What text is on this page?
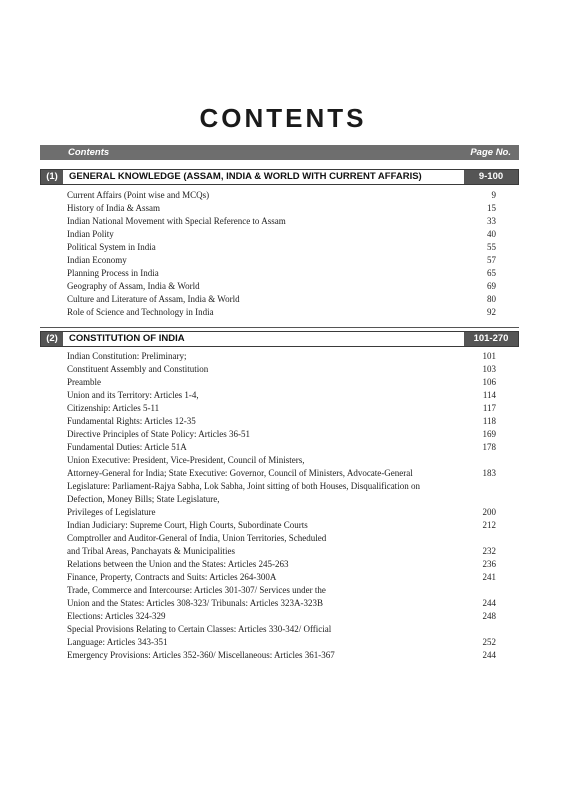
CONTENTS
Contents	Page No.
(1)	GENERAL KNOWLEDGE (ASSAM, INDIA & WORLD WITH CURRENT AFFARIS)	9-100
Current Affairs (Point wise and MCQs)	9
History of India & Assam	15
Indian National Movement with Special Reference to Assam	33
Indian Polity	40
Political System in India	55
Indian Economy	57
Planning Process in India	65
Geography of Assam, India & World	69
Culture and Literature of Assam, India & World	80
Role of Science and Technology in India	92
(2)	CONSTITUTION OF INDIA	101-270
Indian Constitution: Preliminary;	101
Constituent Assembly and Constitution	103
Preamble	106
Union and its Territory: Articles 1-4,	114
Citizenship: Articles 5-11	117
Fundamental Rights: Articles 12-35	118
Directive Principles of State Policy: Articles 36-51	169
Fundamental Duties: Article 51A	178
Union Executive: President, Vice-President, Council of Ministers,
Attorney-General for India; State Executive: Governor, Council of Ministers, Advocate-General	183
Legislature: Parliament-Rajya Sabha, Lok Sabha, Joint sitting of both Houses, Disqualification on Defection, Money Bills; State Legislature,
Privileges of Legislature	200
Indian Judiciary: Supreme Court, High Courts, Subordinate Courts	212
Comptroller and Auditor-General of India, Union Territories, Scheduled
and Tribal Areas, Panchayats & Municipalities	232
Relations between the Union and the States: Articles 245-263	236
Finance, Property, Contracts and Suits: Articles 264-300A	241
Trade, Commerce and Intercourse: Articles 301-307/ Services under the
Union and the States: Articles 308-323/ Tribunals: Articles 323A-323B	244
Elections: Articles 324-329	248
Special Provisions Relating to Certain Classes: Articles 330-342/ Official
Language: Articles 343-351	252
Emergency Provisions: Articles 352-360/ Miscellaneous: Articles 361-367	244
